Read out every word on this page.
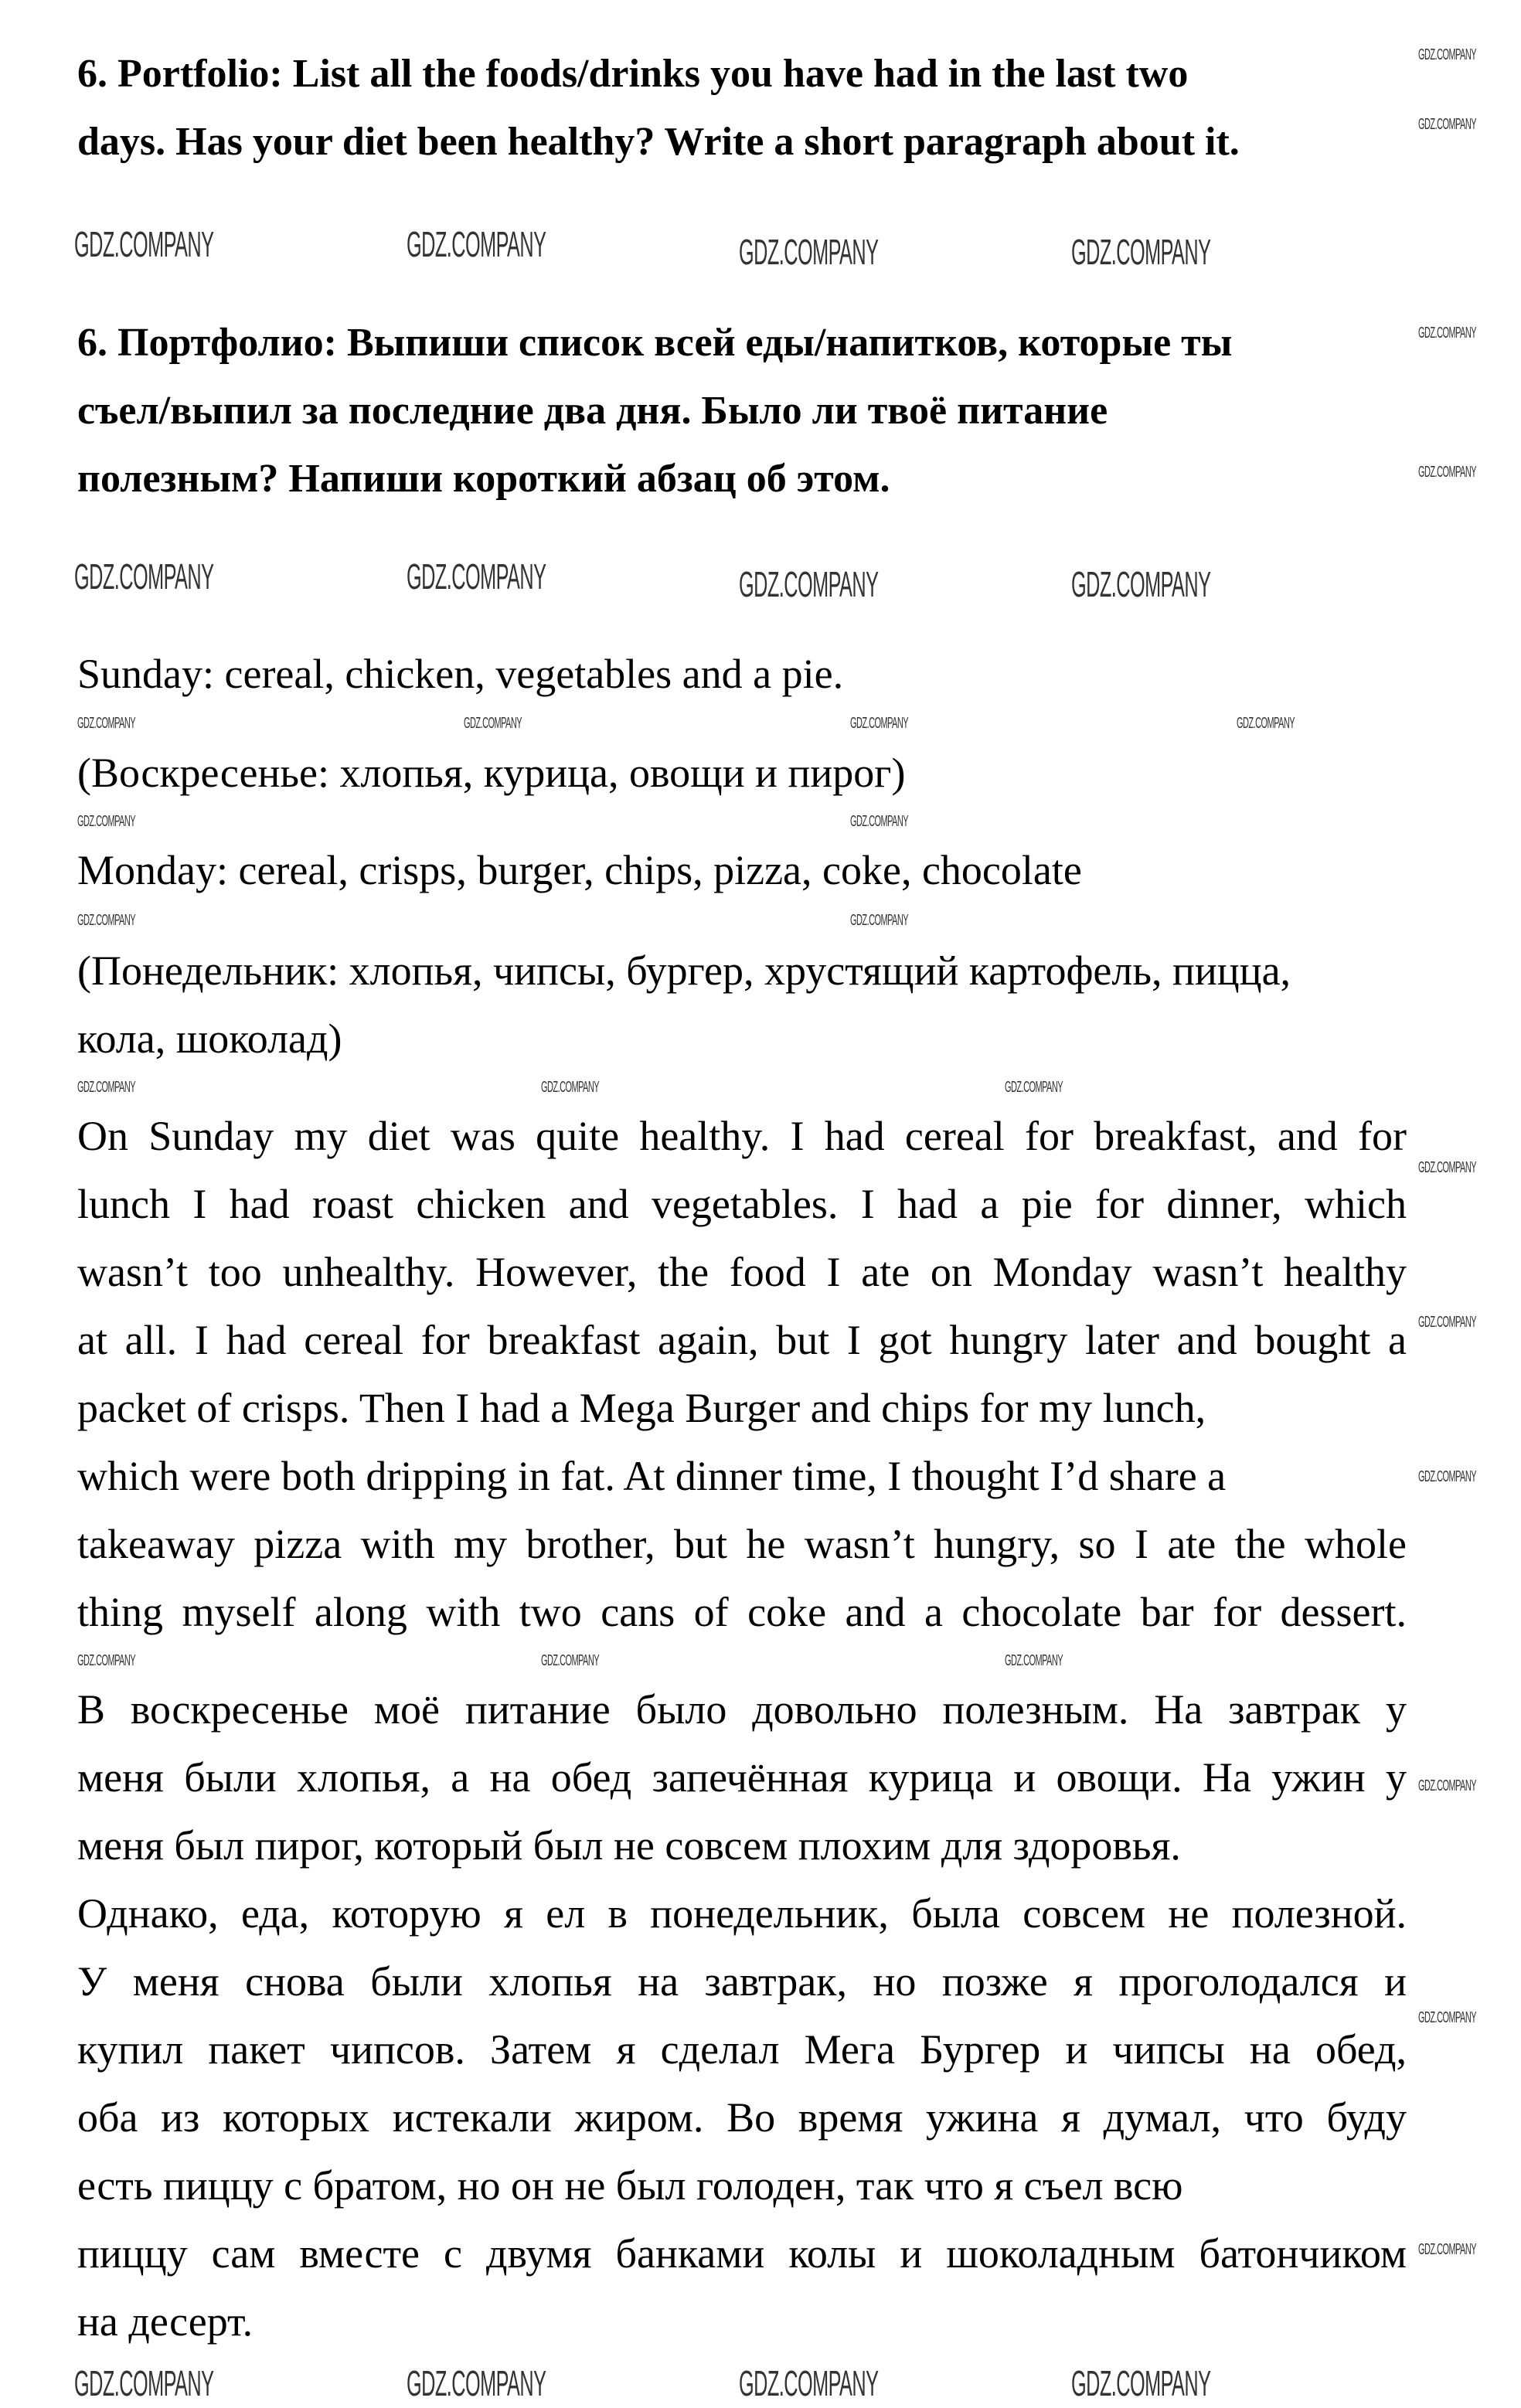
6. Portfolio: List all the foods/drinks you have had in the last two
days. Has your diet been healthy? Write a short paragraph about it.
6. Портфолио: Выпиши список всей еды/напитков, которые ты
съел/выпил за последние два дня. Было ли твоё питание
полезным? Напиши короткий абзац об этом.
Sunday: cereal, chicken, vegetables and a pie.
(Воскресенье: хлопья, курица, овощи и пирог)
Monday: cereal, crisps, burger, chips, pizza, coke, chocolate
(Понедельник: хлопья, чипсы, бургер, хрустящий картофель, пицца,
кола, шоколад)
On Sunday my diet was quite healthy. I had cereal for breakfast, and for
lunch I had roast chicken and vegetables. I had a pie for dinner, which
wasn’t too unhealthy. However, the food I ate on Monday wasn’t healthy
at all. I had cereal for breakfast again, but I got hungry later and bought a
packet of crisps. Then I had a Mega Burger and chips for my lunch,
which were both dripping in fat. At dinner time, I thought I’d share a
takeaway pizza with my brother, but he wasn’t hungry, so I ate the whole
thing myself along with two cans of coke and a chocolate bar for dessert.
В воскресенье моё питание было довольно полезным. На завтрак у
меня были хлопья, а на обед запечённая курица и овощи. На ужин у
меня был пирог, который был не совсем плохим для здоровья.
Однако, еда, которую я ел в понедельник, была совсем не полезной.
У меня снова были хлопья на завтрак, но позже я проголодался и
купил пакет чипсов. Затем я сделал Мега Бургер и чипсы на обед,
оба из которых истекали жиром. Во время ужина я думал, что буду
есть пиццу с братом, но он не был голоден, так что я съел всю
пиццу сам вместе с двумя банками колы и шоколадным батончиком
на десерт.
GDZ.COMPANY	GDZ.COMPANY	GDZ.COMPANY	GDZ.COMPANY
GDZ.COMPANY	GDZ.COMPANY	GDZ.COMPANY	GDZ.COMPANY
GDZ.COMPANY	GDZ.COMPANY	GDZ.COMPANY	GDZ.COMPANY
GDZ.COMPANY
GDZ.COMPANY
GDZ.COMPANY
GDZ.COMPANY
GDZ.COMPANY	GDZ.COMPANY	GDZ.COMPANY	GDZ.COMPANY
GDZ.COMPANY	GDZ.COMPANY
GDZ.COMPANY	GDZ.COMPANY
GDZ.COMPANY	GDZ.COMPANY	GDZ.COMPANY
GDZ.COMPANY
GDZ.COMPANY
GDZ.COMPANY
GDZ.COMPANY	GDZ.COMPANY	GDZ.COMPANY
GDZ.COMPANY
GDZ.COMPANY
GDZ.COMPANY
